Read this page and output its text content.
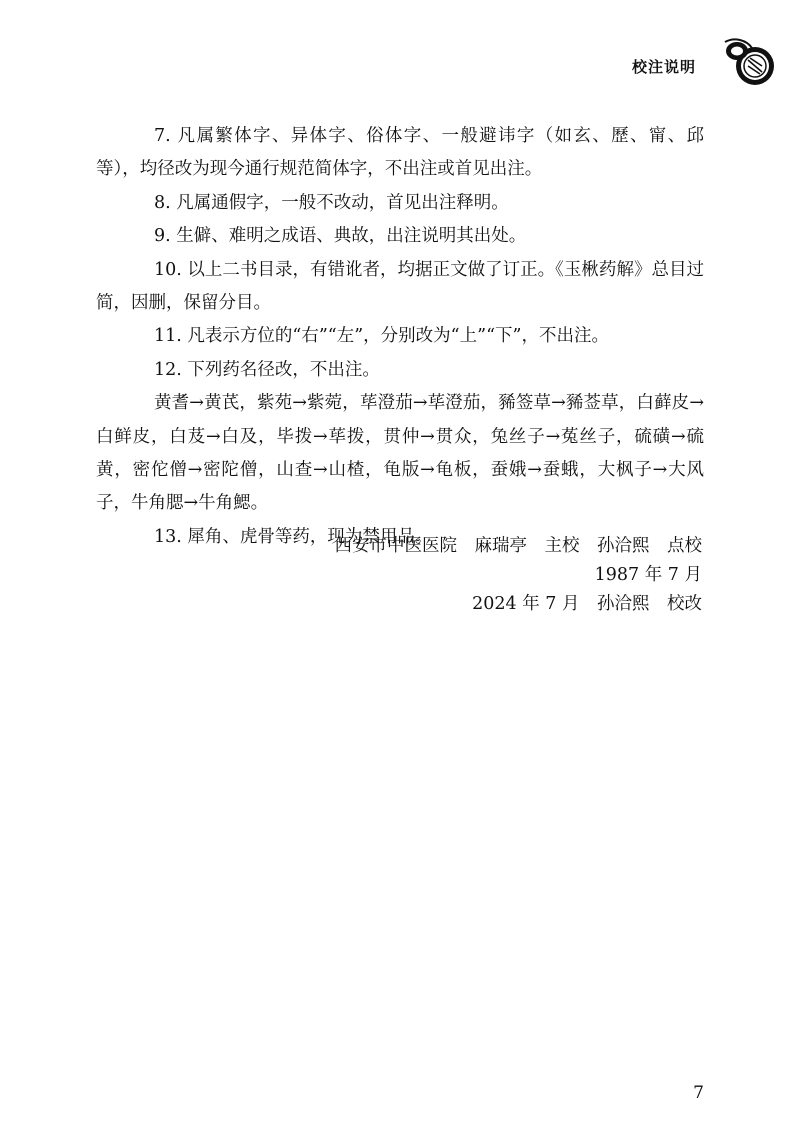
校注说明

7. 凡属繁体字、异体字、俗体字、一般避讳字（如玄、歷、甯、邱等），均径改为现今通行规范简体字，不出注或首见出注。

8. 凡属通假字，一般不改动，首见出注释明。

9. 生僻、难明之成语、典故，出注说明其出处。

10. 以上二书目录，有错讹者，均据正文做了订正。《玉楸药解》总目过简，因删，保留分目。

11. 凡表示方位的“右”“左”，分别改为“上”“下”，不出注。

12. 下列药名径改，不出注。

黄耆→黄芪，紫苑→紫菀，荜澄茄→荜澄茄，豨签草→豨莶草，白藓皮→白鲜皮，白芨→白及，毕拨→荜拨，贯仲→贯众，兔丝子→菟丝子，硫磺→硫黄，密佗僧→密陀僧，山查→山楂，龟版→龟板，蚕娥→蚕蛾，大枫子→大风子，牛角腮→牛角鰓。

13. 犀角、虎骨等药，现为禁用品。

西安市中医医院　麻瑞亭　主校　孙洽熙　点校
1987 年 7 月
2024 年 7 月　孙洽熙　校改
7
